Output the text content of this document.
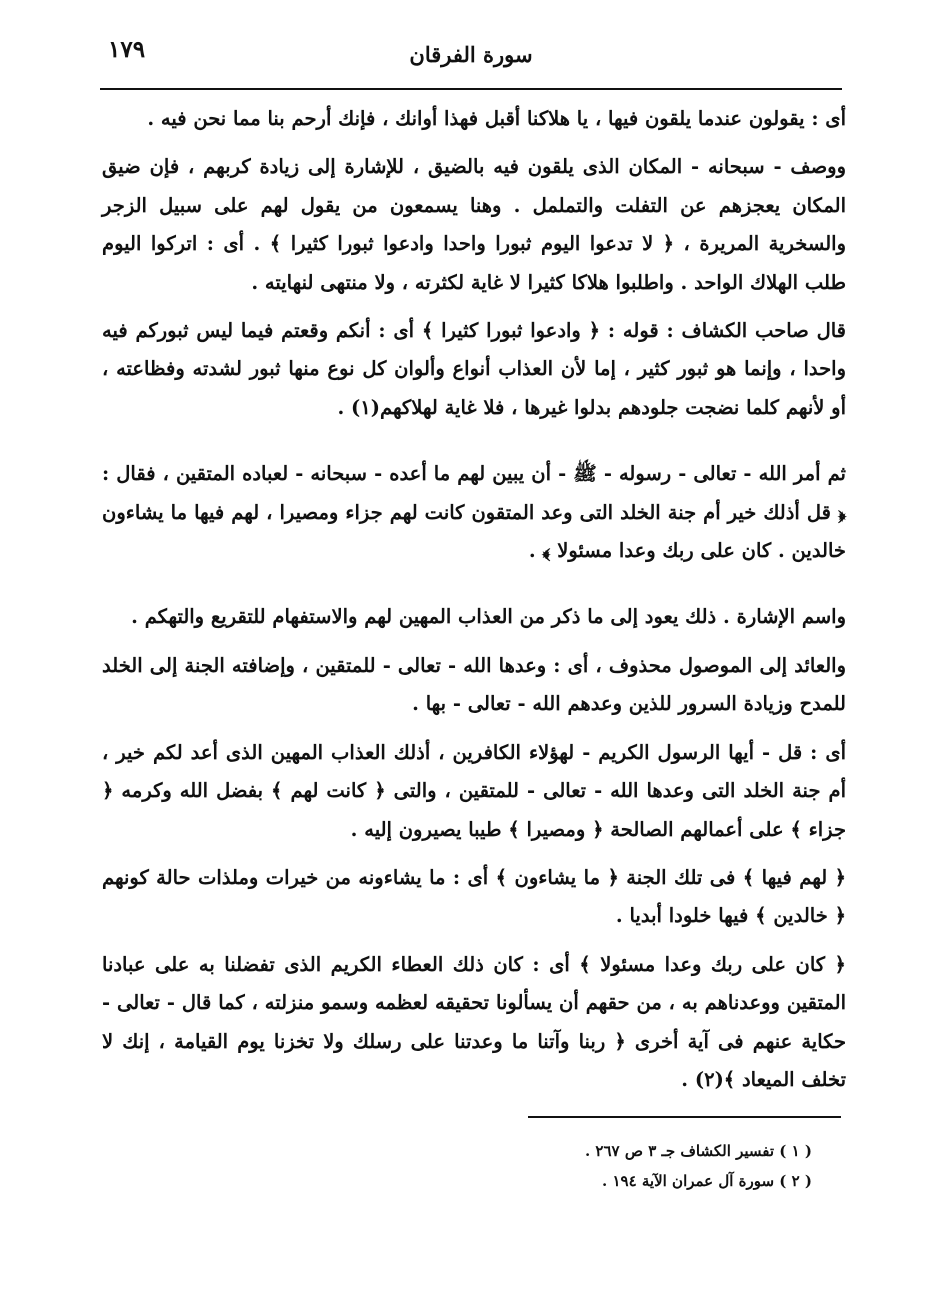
سورة الفرقان
١٧٩

أى : يقولون عندما يلقون فيها ، يا هلاكنا أقبل فهذا أوانك ، فإنك أرحم بنا مما نحن فيه .

ووصف - سبحانه - المكان الذى يلقون فيه بالضيق ، للإشارة إلى زيادة كربهم ، فإن ضيق المكان يعجزهم عن التفلت والتململ . وهنا يسمعون من يقول لهم على سبيل الزجر والسخرية المريرة ، ﴿ لا تدعوا اليوم ثبورا واحدا وادعوا ثبورا كثيرا ﴾ . أى : اتركوا اليوم طلب الهلاك الواحد . واطلبوا هلاكا كثيرا لا غاية لكثرته ، ولا منتهى لنهايته .

قال صاحب الكشاف : قوله : ﴿ وادعوا ثبورا كثيرا ﴾ أى : أنكم وقعتم فيما ليس ثبوركم فيه واحدا ، وإنما هو ثبور كثير ، إما لأن العذاب أنواع وألوان كل نوع منها ثبور لشدته وفظاعته ، أو لأنهم كلما نضجت جلودهم بدلوا غيرها ، فلا غاية لهلاكهم(١) .

ثم أمر الله - تعالى - رسوله - ﷺ - أن يبين لهم ما أعده - سبحانه - لعباده المتقين ، فقال : ﴿ قل أذلك خير أم جنة الخلد التى وعد المتقون كانت لهم جزاء ومصيرا ، لهم فيها ما يشاءون خالدين . كان على ربك وعدا مسئولا ﴾ .

واسم الإشارة . ذلك يعود إلى ما ذكر من العذاب المهين لهم والاستفهام للتقريع والتهكم .

والعائد إلى الموصول محذوف ، أى : وعدها الله - تعالى - للمتقين ، وإضافته الجنة إلى الخلد للمدح وزيادة السرور للذين وعدهم الله - تعالى - بها .

أى : قل - أيها الرسول الكريم - لهؤلاء الكافرين ، أذلك العذاب المهين الذى أعد لكم خير ، أم جنة الخلد التى وعدها الله - تعالى - للمتقين ، والتى ﴿ كانت لهم ﴾ بفضل الله وكرمه ﴿ جزاء ﴾ على أعمالهم الصالحة ﴿ ومصيرا ﴾ طيبا يصيرون إليه .

﴿ لهم فيها ﴾ فى تلك الجنة ﴿ ما يشاءون ﴾ أى : ما يشاءونه من خيرات وملذات حالة كونهم ﴿ خالدين ﴾ فيها خلودا أبديا .

﴿ كان على ربك وعدا مسئولا ﴾ أى : كان ذلك العطاء الكريم الذى تفضلنا به على عبادنا المتقين ووعدناهم به ، من حقهم أن يسألونا تحقيقه لعظمه وسمو منزلته ، كما قال - تعالى - حكاية عنهم فى آية أخرى ﴿ ربنا وآتنا ما وعدتنا على رسلك ولا تخزنا يوم القيامة ، إنك لا تخلف الميعاد ﴾(٢) .

( ١ ) تفسير الكشاف جـ ٣ ص ٢٦٧ .
( ٢ ) سورة آل عمران الآية ١٩٤ .
